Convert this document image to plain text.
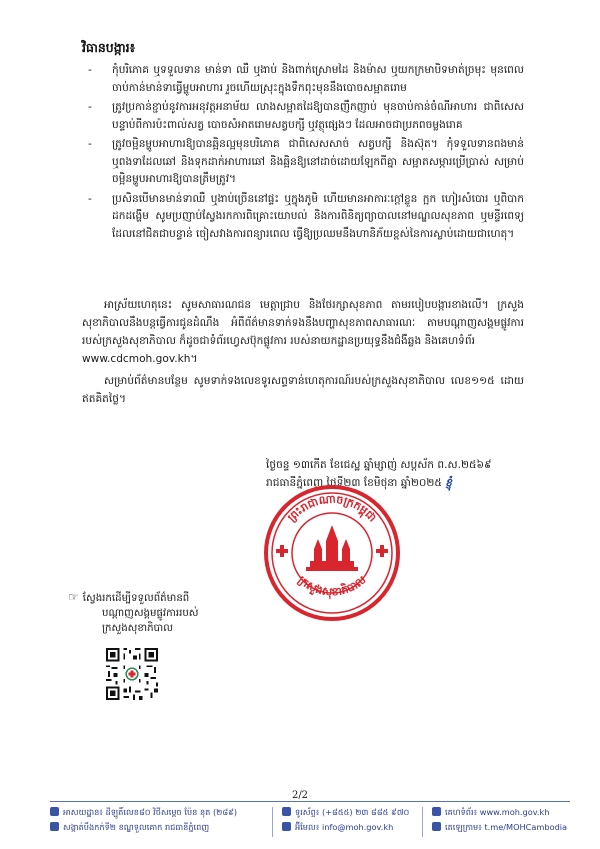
វិធានបង្ការ៖
-	កុំបរិភោគ ឬទទួលទាន មាន់ទា ឈឺ ឬងាប់ និងពាក់ស្រោមដៃ និងម៉ាស ឬយកក្រមាបិទមាត់ច្រមុះ មុនពេល ចាប់កាន់មាន់ទាធ្វើម្ហូបអាហារ រួចហើយស្រុះក្នុងទឹកពុះមុននឹងបោចសម្អាតរោម
-	ត្រូវប្រកាន់ខ្ជាប់នូវការអនុវត្តអនាម័យ លាងសម្អាតដៃឱ្យបានញឹកញាប់ មុនចាប់កាន់ចំណីអាហារ ជាពិសេសបន្ទាប់ពីការប៉ះពាល់សត្វ បោចសំអាតរោមសត្វបក្សី ឬវត្ថុផ្សេងៗ ដែលអាចជាប្រភពចម្លងរោគ
-	ត្រូវចម្អិនម្ហូបអាហារឱ្យបានឆ្អិនល្អមុនបរិភោគ ជាពិសេសសាច់ សត្វបក្សី និងស៊ុត។ កុំទទួលទានពងមាន់ ឬពងទាដែលឆៅ និងទុកដាក់អាហារឆៅ និងឆ្អិនឱ្យនៅដាច់ដោយឡែកពីគ្នា សម្អាតសម្ភារប្រើប្រាស់ សម្រាប់ចម្អិនម្ហូបអាហារឱ្យបានត្រឹមត្រូវ។
-	ប្រសិនបើមានមាន់ទាឈឺ ឬងាប់ច្រើននៅផ្ទះ ឬក្នុងភូមិ ហើយមានអាការៈក្តៅខ្លួន ក្អក ហៀរសំបោរ ឬពិបាកដកដង្ហើម សូមប្រញាប់ស្វែងរកការពិគ្រោះយោបល់ និងការពិនិត្យព្យាបាលនៅមណ្ឌលសុខភាព ឬមន្ទីរពេទ្យ ដែលនៅជិតជាបន្ទាន់ ចៀសវាងការពន្យារពេល ធ្វើឱ្យប្រឈមនឹងហានិភ័យខ្ពស់នៃការស្លាប់ដោយជាហេតុ។
អាស្រ័យហេតុនេះ សូមសាធារណជន មេត្តាជ្រាប និងថែរក្សាសុខភាព តាមរបៀបបង្ការខាងលើ។ ក្រសួងសុខាភិបាលនឹងបន្តធ្វើការជូនដំណឹង អំពីព័ត៌មានទាក់ទងនឹងបញ្ហាសុខភាពសាធារណៈ តាមបណ្តាញសង្គមផ្លូវការរបស់ក្រសួងសុខាភិបាល ក៏ដូចជាទំព័រហ្វេសប៊ុកផ្លូវការ របស់នាយកដ្ឋានប្រយុទ្ធនឹងជំងឺឆ្លង និងគេហទំព័រ
www.cdcmoh.gov.kh។
សម្រាប់ព័ត៌មានបន្ថែម សូមទាក់ទងលេខទូរសព្ទទាន់ហេតុការណ៍របស់ក្រសួងសុខាភិបាល លេខ១១៥ ដោយឥតគិតថ្លៃ។
ថ្ងៃចន្ទ ១៣កើត ខែជេស្ឋ ឆ្នាំម្សាញ់ សប្តស័ក ព.ស.២៥៦៩
រាជធានីភ្នំពេញ ថ្ងៃទី២៣ ខែមិថុនា ឆ្នាំ២០២៥ ខ្ញុំ
ព្រះរាជាណាចក្រកម្ពុជា
ក្រសួងសុខាភិបាល
☞ ស្វែងរកដើម្បីទទួលព័ត៌មានពី
បណ្តាញសង្គមផ្លូវការរបស់
ក្រសួងសុខាភិបាល
2/2
អាសយដ្ឋាន៖ ដីឡូតិ៍លេខ៨០ វិថីសម្តេច ប៉ែន នុត (២៨៩)
សង្កាត់បឹងកក់ទី២ ខណ្ឌទួលគោក រាជធានីភ្នំពេញ
ទូរស័ព្ទ៖ (+៨៥៥) ២៣ ៨៨៥ ៩៧០
អ៊ីមែល៖ info@moh.gov.kh
គេហទំព័រ៖ www.moh.gov.kh
តេឡេក្រាម៖ t.me/MOHCambodia
